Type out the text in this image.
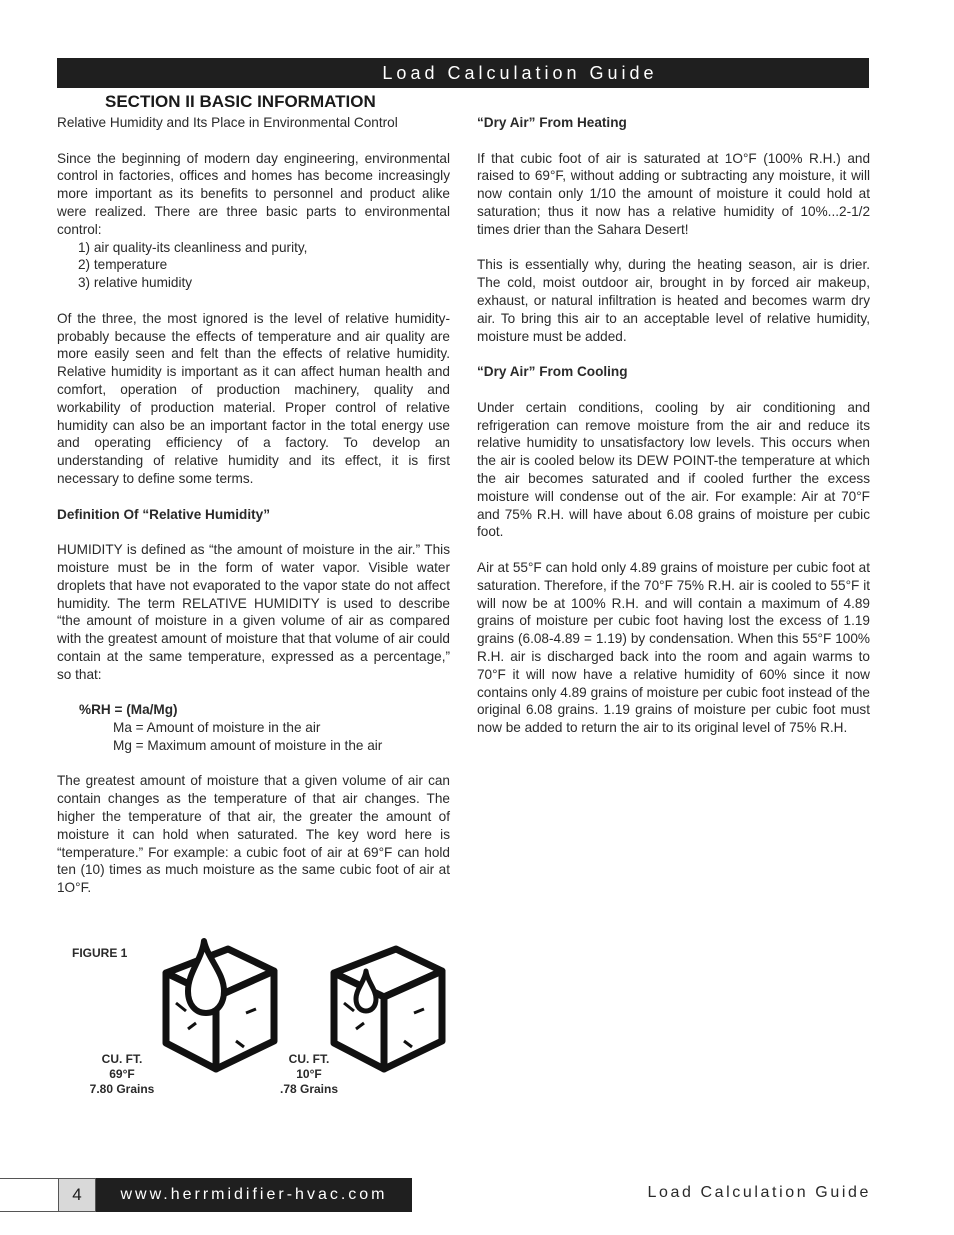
Load Calculation Guide
SECTION II BASIC INFORMATION

Relative Humidity and Its Place in Environmental Control

Since the beginning of modern day engineering, environmental control in factories, offices and homes has become increasingly more important as its benefits to personnel and product alike were realized. There are three basic parts to environmental control:

1) air quality-its cleanliness and purity,

2) temperature

3) relative humidity

Of the three, the most ignored is the level of relative humidity-probably because the effects of temperature and air quality are more easily seen and felt than the effects of relative humidity. Relative humidity is important as it can affect human health and comfort, operation of production machinery, quality and workability of production material. Proper control of relative humidity can also be an important factor in the total energy use and operating efficiency of a factory. To develop an understanding of relative humidity and its effect, it is first necessary to define some terms.

Definition Of “Relative Humidity”

HUMIDITY is defined as “the amount of moisture in the air.” This moisture must be in the form of water vapor. Visible water droplets that have not evaporated to the vapor state do not affect humidity. The term RELATIVE HUMIDITY is used to describe “the amount of moisture in a given volume of air as compared with the greatest amount of moisture that that volume of air could contain at the same temperature, expressed as a percentage,” so that:

%RH = (Ma/Mg)

Ma = Amount of moisture in the air

Mg = Maximum amount of moisture in the air

The greatest amount of moisture that a given volume of air can contain changes as the temperature of that air changes. The higher the temperature of that air, the greater the amount of moisture it can hold when saturated. The key word here is “temperature.” For example: a cubic foot of air at 69°F can hold ten (10) times as much moisture as the same cubic foot of air at 1O°F.

“Dry Air” From Heating

If that cubic foot of air is saturated at 1O°F (100% R.H.) and raised to 69°F, without adding or subtracting any moisture, it will now contain only 1/10 the amount of moisture it could hold at saturation; thus it now has a relative humidity of 10%...2-1/2 times drier than the Sahara Desert!

This is essentially why, during the heating season, air is drier. The cold, moist outdoor air, brought in by forced air makeup, exhaust, or natural infiltration is heated and becomes warm dry air. To bring this air to an acceptable level of relative humidity, moisture must be added.

“Dry Air” From Cooling

Under certain conditions, cooling by air conditioning and refrigeration can remove moisture from the air and reduce its relative humidity to unsatisfactory low levels. This occurs when the air is cooled below its DEW POINT-the temperature at which the air becomes saturated and if cooled further the excess moisture will condense out of the air. For example: Air at 70°F and 75% R.H. will have about 6.08 grains of moisture per cubic foot.

Air at 55°F can hold only 4.89 grains of moisture per cubic foot at saturation. Therefore, if the 70°F 75% R.H. air is cooled to 55°F it will now be at 100% R.H. and will contain a maximum of 4.89 grains of moisture per cubic foot having lost the excess of 1.19 grains (6.08-4.89 = 1.19) by condensation. When this 55°F 100% R.H. air is discharged back into the room and again warms to 70°F it will now have a relative humidity of 60% since it now contains only 4.89 grains of moisture per cubic foot instead of the original 6.08 grains. 1.19 grains of moisture per cubic foot must now be added to return the air to its original level of 75% R.H.

FIGURE 1
CU. FT.
69°F
7.80 Grains
CU. FT.
10°F
.78 Grains
4	www.herrmidifier-hvac.com	Load Calculation Guide
